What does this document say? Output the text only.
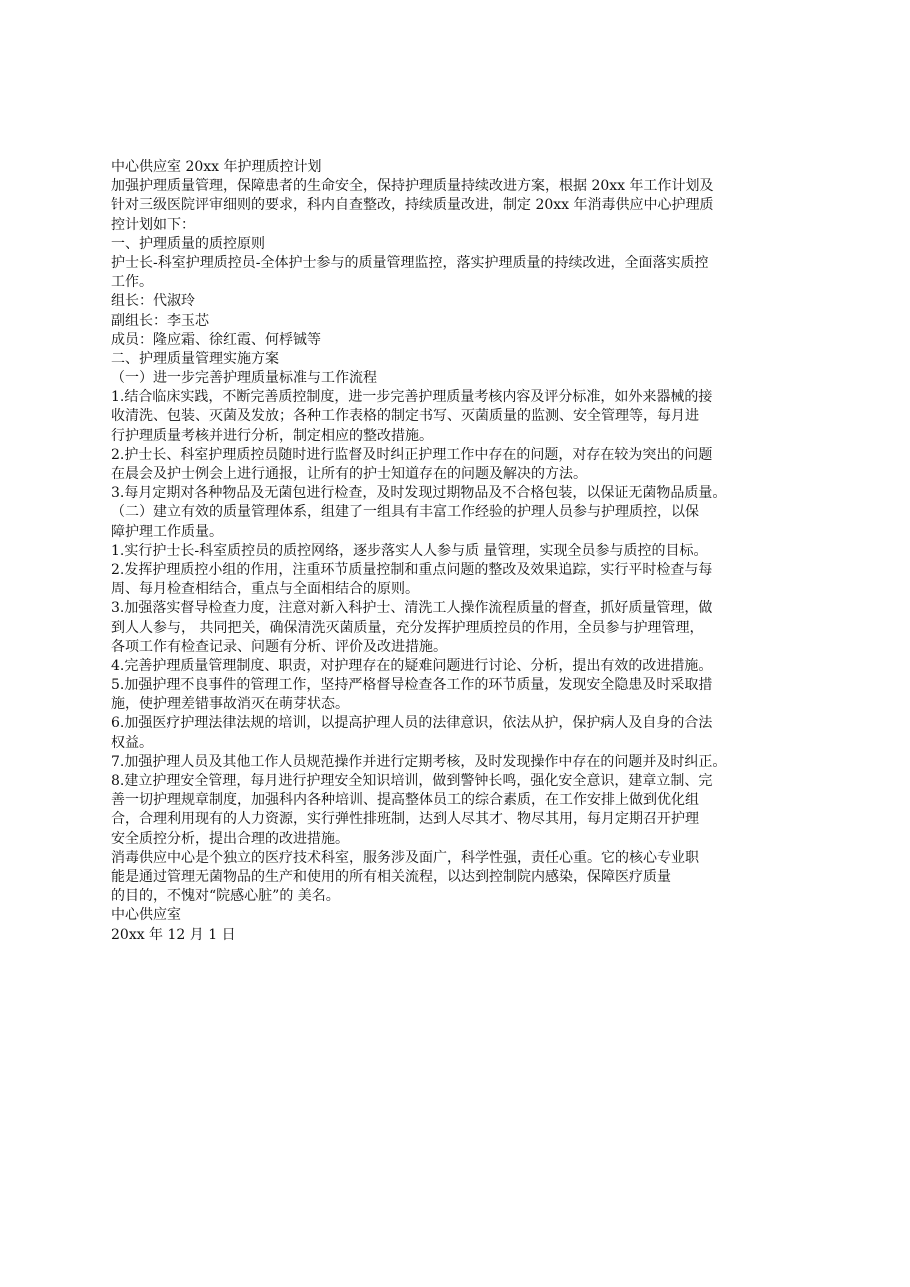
中心供应室 20xx 年护理质控计划
加强护理质量管理，保障患者的生命安全，保持护理质量持续改进方案，根据 20xx 年工作计划及
针对三级医院评审细则的要求，科内自查整改，持续质量改进，制定 20xx 年消毒供应中心护理质
控计划如下：
一、护理质量的质控原则
护士长-科室护理质控员-全体护士参与的质量管理监控，落实护理质量的持续改进，全面落实质控
工作。
组长：代淑玲
副组长：李玉芯
成员：隆应霜、徐红霞、何桴铖等
二、护理质量管理实施方案
（一）进一步完善护理质量标准与工作流程
1.结合临床实践，不断完善质控制度，进一步完善护理质量考核内容及评分标准，如外来器械的接
收清洗、包装、灭菌及发放；各种工作表格的制定书写、灭菌质量的监测、安全管理等，每月进
行护理质量考核并进行分析，制定相应的整改措施。
2.护士长、科室护理质控员随时进行监督及时纠正护理工作中存在的问题，对存在较为突出的问题
在晨会及护士例会上进行通报，让所有的护士知道存在的问题及解决的方法。
3.每月定期对各种物品及无菌包进行检查，及时发现过期物品及不合格包装，以保证无菌物品质量。
（二）建立有效的质量管理体系，组建了一组具有丰富工作经验的护理人员参与护理质控，以保
障护理工作质量。
1.实行护士长-科室质控员的质控网络，逐步落实人人参与质 量管理，实现全员参与质控的目标。
2.发挥护理质控小组的作用，注重环节质量控制和重点问题的整改及效果追踪，实行平时检查与每
周、每月检查相结合，重点与全面相结合的原则。
3.加强落实督导检查力度，注意对新入科护士、清洗工人操作流程质量的督查，抓好质量管理，做
到人人参与， 共同把关，确保清洗灭菌质量，充分发挥护理质控员的作用，全员参与护理管理，
各项工作有检查记录、问题有分析、评价及改进措施。
4.完善护理质量管理制度、职责，对护理存在的疑难问题进行讨论、分析，提出有效的改进措施。
5.加强护理不良事件的管理工作，坚持严格督导检查各工作的环节质量，发现安全隐患及时采取措
施，使护理差错事故消灭在萌芽状态。
6.加强医疗护理法律法规的培训，以提高护理人员的法律意识，依法从护，保护病人及自身的合法
权益。
7.加强护理人员及其他工作人员规范操作并进行定期考核，及时发现操作中存在的问题并及时纠正。
8.建立护理安全管理，每月进行护理安全知识培训，做到警钟长鸣，强化安全意识，建章立制、完
善一切护理规章制度，加强科内各种培训、提高整体员工的综合素质，在工作安排上做到优化组
合，合理利用现有的人力资源，实行弹性排班制，达到人尽其才、物尽其用，每月定期召开护理
安全质控分析，提出合理的改进措施。
消毒供应中心是个独立的医疗技术科室，服务涉及面广，科学性强，责任心重。它的核心专业职
能是通过管理无菌物品的生产和使用的所有相关流程，以达到控制院内感染，保障医疗质量
的目的，不愧对“院感心脏”的 美名。
中心供应室
20xx 年 12 月 1 日
